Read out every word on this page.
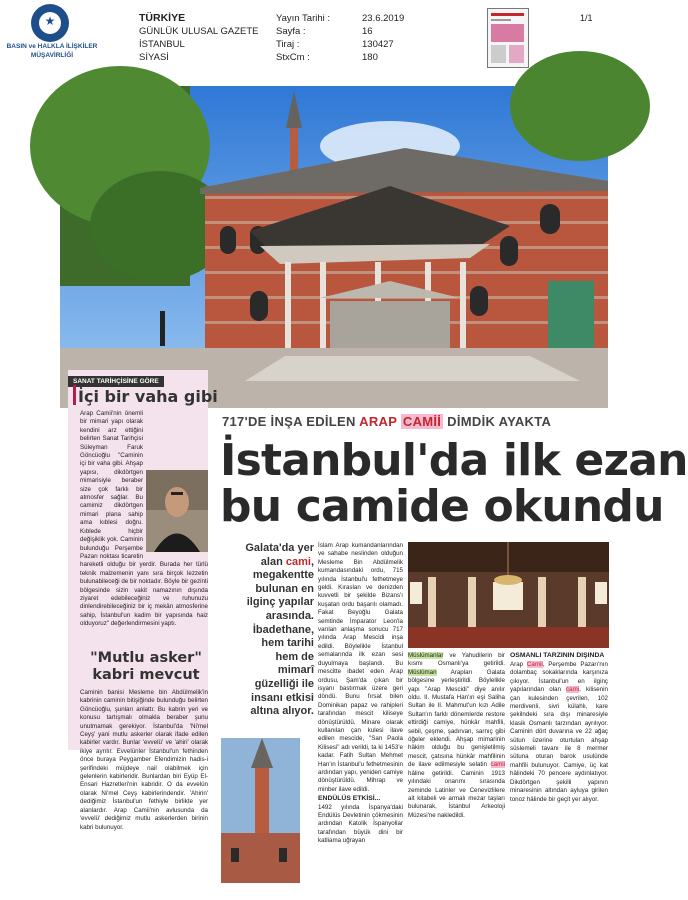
★
BASIN ve HALKLA İLİŞKİLER MÜŞAVİRLİĞİ
TÜRKİYE
GÜNLÜK ULUSAL GAZETE
İSTANBUL
SİYASİ
Yayın Tarihi :
Sayfa :
Tiraj :
StxCm :
23.6.2019
16
130427
180
1/1
SANAT TARİHÇİSİNE GÖRE
İçi bir vaha gibi
Arap Camii'nin önemli bir mimari yapı olarak kendini arz ettiğini belirten Sanat Tarihçisi Süleyman Faruk Göncüoğlu "Caminin içi bir vaha gibi. Ahşap yapısı, dikdörtgen mimarisiyle beraber size çok farklı bir atmosfer sağlar. Bu camimiz dikdörtgen mimari plana sahip ama kıblesi doğru. Kıblede hiçbir değişiklik yok. Caminin bulunduğu Perşembe Pazarı noktası ticaretin hareketli olduğu bir yerdir. Burada her türlü teknik malzemenin yanı sıra birçok lezzetin bulunabileceği de bir noktadır. Böyle bir gezinti bölgesinde sizin vakit namazının dışında ziyaret edebileceğiniz ve ruhunuzu dinlendirebileceğiniz bir iç mekân atmosferine sahip, İstanbul'un kadim bir yapısında haiz olduyoruz" değerlendirmesini yaptı.
"Mutlu asker" kabri mevcut
Caminin banisi Mesleme bin Abdülmelik'in kabrinin caminin bitişiğinde bulunduğu belirten Göncüoğlu, şunları anlattı: Bu kabrin yeri ve konusu tartışmalı olmakla beraber şunu unutmamak gerekiyor. İstanbul'da 'Ni'mel Ceyş' yani mutlu askerler olarak ifade edilen kabirler vardır. Bunlar 'evvelü' ve 'ahiri' olarak ikiye ayrılır. Evvelünler İstanbul'un fethinden önce buraya Peygamber Efendimizin hadis-i şerifindeki müjdeye nail olabilmek için gelenlerin kabirleridir. Bunlardan biri Eyüp El-Ensari Hazretleri'nin kabridir. O da evvelün olarak Ni'mel Ceyş kabirlerindendir. 'Ahirin' dediğimiz İstanbul'un fethiyle birlikte yer alanlardır. Arap Camii'nin avlusunda da 'evvelü' dediğimiz mutlu askerlerden birinin kabri bulunuyor.
717'DE İNŞA EDİLEN ARAP CAMİİ DİMDİK AYAKTA
İstanbul'da ilk ezan
bu camide okundu
Galata'da yer alan cami, megakentte bulunan en ilginç yapılar arasında. İbadethane, hem tarihi hem de mimarî güzelliği ile insanı etkisi altına alıyor.
İslam Arap kumandanlarından ve sahabe neslinden olduğun Mesleme Bin Abdülmelik kumandasındaki ordu, 715 yılında İstanbul'u fethetmeye geldi. Kıraslan ve denizden kuvvetli bir şekilde Bizans'ı kuşatan ordu başarılı olamadı. Fakat Beyoğlu Galata semtinde İmparator Leon'la varılan anlaşma sonucu 717 yılında Arap Mescidi inşa edildi. Böylelikle İstanbul semalarında ilk ezan sesi duyulmaya başlandı. Bu mescitte ibadet eden Arap ordusu, Şam'da çıkan bir isyanı bastırmak üzere geri döndü. Bunu fırsat bilen Dominikan papaz ve rahipleri tarafından mescit kiliseye dönüştürüldü. Minare olarak kullanılan çan kulesi ilave edilen mescide, "San Paola Kilisesi" adı verildi, ta ki 1453'e kadar. Fatih Sultan Mehmet Han'ın İstanbul'u fethetmesinin ardından yapı, yeniden camiye dönüştürüldü. Mihrap ve minber ilave edildi.
ENDÜLÜS ETKİSİ...
1492 yılında İspanya'daki Endülüs Devletinin çökmesinin ardından Katolik İspanyollar tarafından büyük dini bir katliama uğrayan
Müslümanlar ve Yahudilerin bir kısmı Osmanlı'ya getirildi. Müslüman Arapları Galata bölgesine yerleştirildi. Böylelikle yapı "Arap Mescidi" diye anılır oldu. II. Mustafa Han'ın eşi Saliha Sultan ile II. Mahmut'un kızı Adile Sultan'ın farklı dönemlerde restore ettirdiği camiye, hünkâr mahfili, sebil, çeşme, şadırvan, sarnıç gibi öğeler eklendi. Ahşap mimarinin hâkim olduğu bu genişletilmiş mescit, çatısına hünkâr mahfilinin de ilave edilmesiyle selatin camii hâline getirildi. Caminin 1913 yılındaki onarımı sırasında zeminde Latinler ve Cenevizlilere ait kitabeli ve armalı mezar taşları bulunarak, İstanbul Arkeoloji Müzesi'ne nakledildi.
OSMANLI TARZININ DIŞINDA
Arap Camii, Perşembe Pazarı'nın dolambaç sokaklarında karşınıza çıkıyor. İstanbul'un en ilginç yapılarından olan cami, kilisenin çan kulesinden çevrilen, 102 merdivenli, sivri külahlı, kare şekilndeki sıra dışı minaresiyle klasik Osmanlı tarzından ayrılıyor. Caminin dört duvarına ve 22 ağaç sütun üzerine oturtulan ahşap süslemeli tavanı ile 8 mermer sütuna oturan barok usulünde mahfili bulunuyor. Camiye, üç kat hâlindeki 70 pencere aydınlatıyor. Dikdörtgen şekilli yapının minaresinin altından ayluya girilen tonoz hâlinde bir geçit yer alıyor.
